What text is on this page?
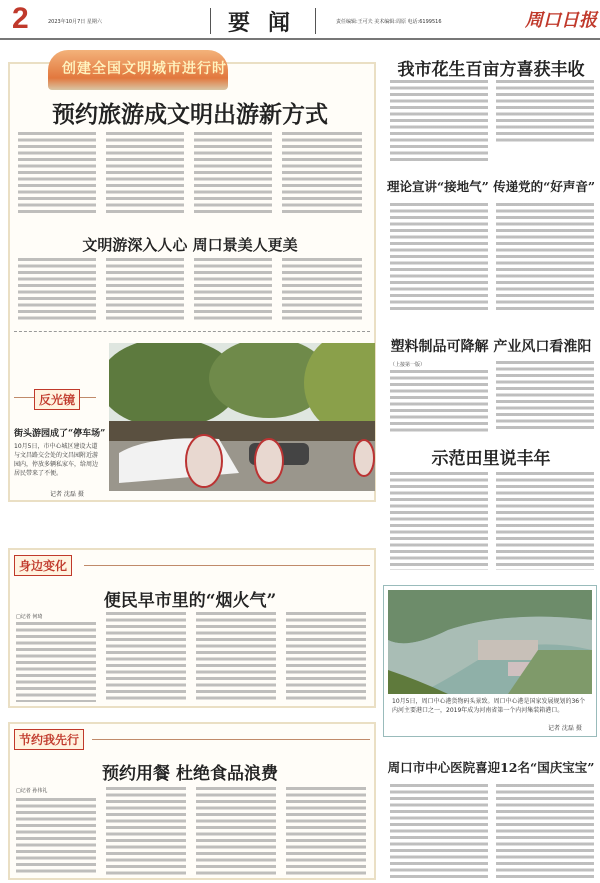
2	2023年10月7日 星期六	要闻	责任编辑:王可夫 美术编辑:周原 电话:6199516	周口日报
创建全国文明城市进行时
预约旅游成文明出游新方式
文明游深入人心 周口景美人更美
反光镜
街头游园成了“停车场”
10月5日，市中心城区建设大道与文昌路交会处的文昌园附近游园内，停放多辆私家车，给周边居民带来了不便。
记者 沈磊 摄
身边变化
便民早市里的“烟火气”
□记者 何琦
节约我先行
预约用餐 杜绝食品浪费
□记者 孙伟礼
我市花生百亩方喜获丰收
理论宣讲“接地气” 传递党的“好声音”
塑料制品可降解 产业风口看淮阳
（上接第一版）
示范田里说丰年
10月5日，周口中心港货物码头景致。周口中心港是国家发展规划的36个内河主要港口之一，2019年成为河南省第一个内河集装箱港口。
记者 沈磊 摄
周口市中心医院喜迎12名“国庆宝宝”
